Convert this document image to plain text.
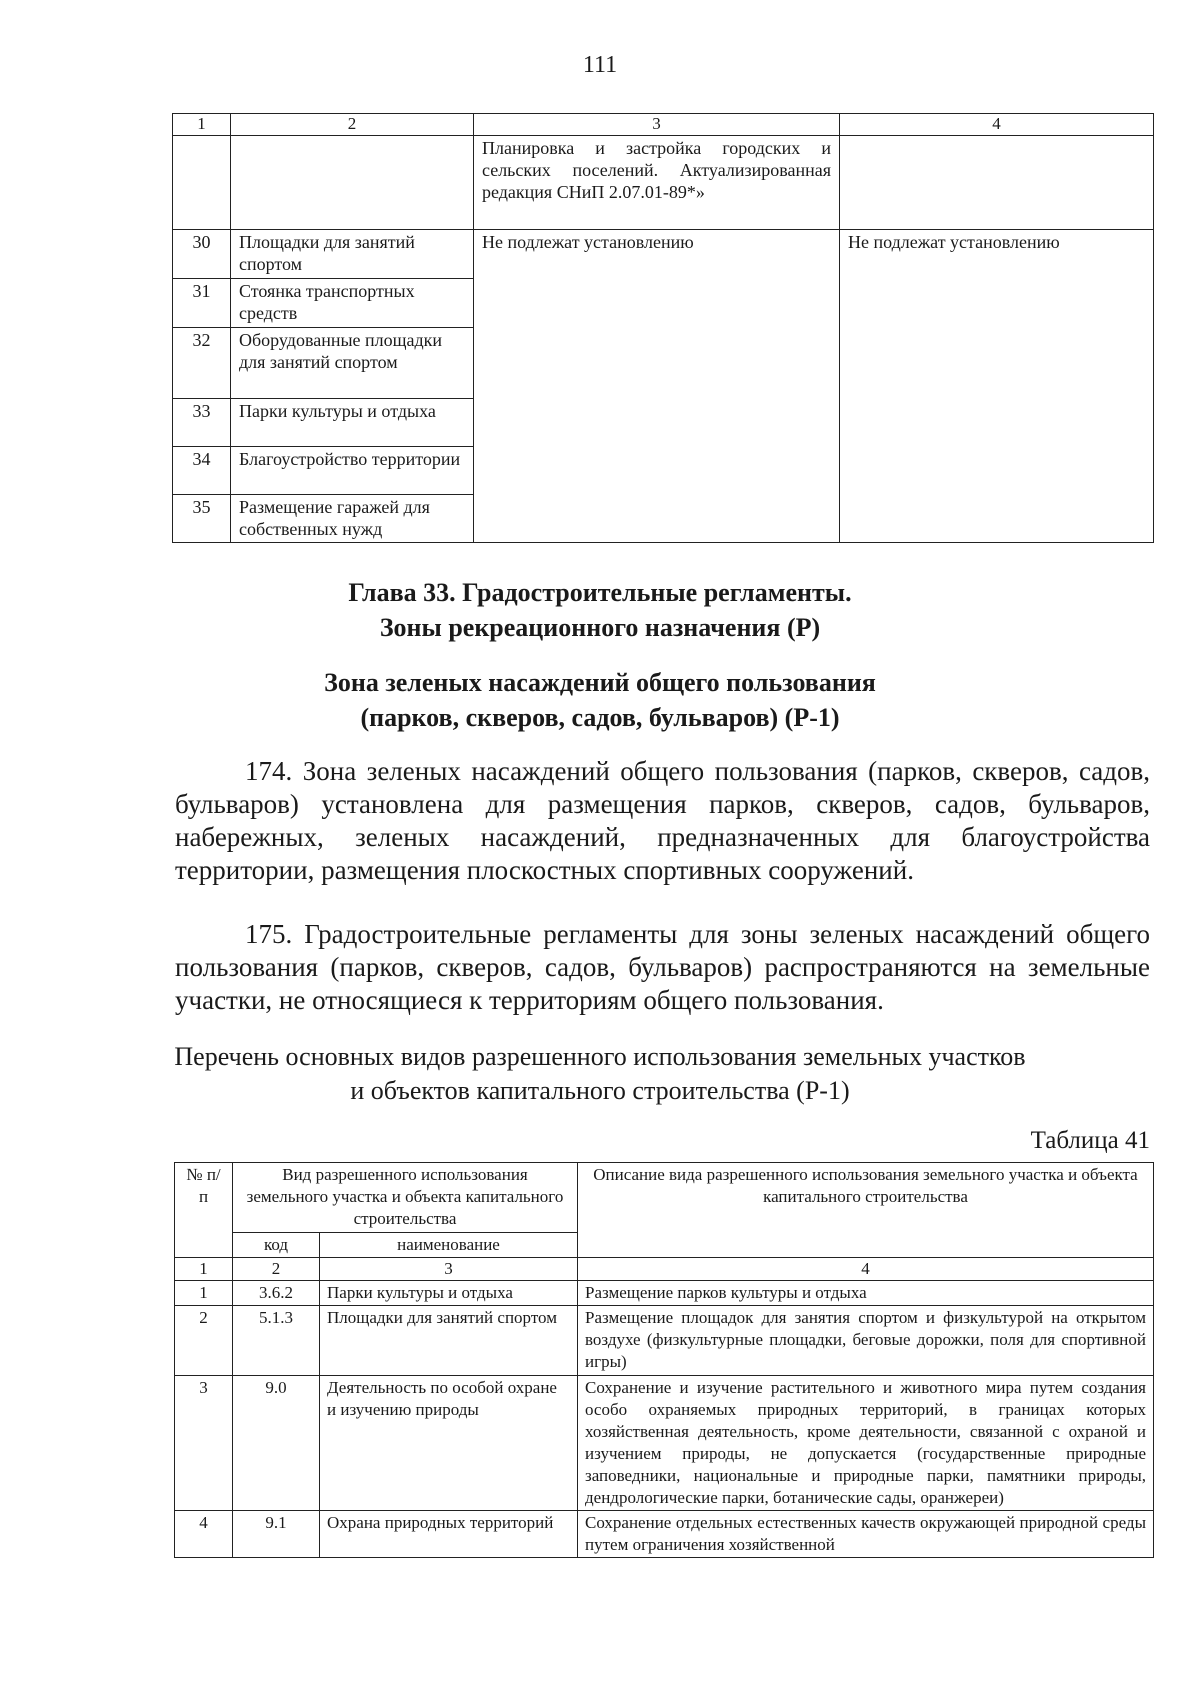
111
1	2	3	4
		Планировка и застройка городских и сельских поселений. Актуализированная редакция СНиП 2.07.01-89*»	
30	Площадки для занятий спортом	Не подлежат установлению	Не подлежат установлению
31	Стоянка транспортных средств		
32	Оборудованные площадки для занятий спортом		
33	Парки культуры и отдыха		
34	Благоустройство территории		
35	Размещение гаражей для собственных нужд		
Глава 33. Градостроительные регламенты.
Зоны рекреационного назначения (Р)
Зона зеленых насаждений общего пользования
(парков, скверов, садов, бульваров) (Р-1)

174. Зона зеленых насаждений общего пользования (парков, скверов, садов, бульваров) установлена для размещения парков, скверов, садов, бульваров, набережных, зеленых насаждений, предназначенных для благоустройства территории, размещения плоскостных спортивных сооружений.

175. Градостроительные регламенты для зоны зеленых насаждений общего пользования (парков, скверов, садов, бульваров) распространяются на земельные участки, не относящиеся к территориям общего пользования.

Перечень основных видов разрешенного использования земельных участков
и объектов капитального строительства (Р-1)
Таблица 41
№ п/п	Вид разрешенного использования земельного участка и объекта капитального строительства		Описание вида разрешенного использования земельного участка и объекта капитального строительства
	код	наименование	
1	2	3	4
1	3.6.2	Парки культуры и отдыха	Размещение парков культуры и отдыха
2	5.1.3	Площадки для занятий спортом	Размещение площадок для занятия спортом и физкультурой на открытом воздухе (физкультурные площадки, беговые дорожки, поля для спортивной игры)
3	9.0	Деятельность по особой охране и изучению природы	Сохранение и изучение растительного и животного мира путем создания особо охраняемых природных территорий, в границах которых хозяйственная деятельность, кроме деятельности, связанной с охраной и изучением природы, не допускается (государственные природные заповедники, национальные и природные парки, памятники природы, дендрологические парки, ботанические сады, оранжереи)
4	9.1	Охрана природных территорий	Сохранение отдельных естественных качеств окружающей природной среды путем ограничения хозяйственной
